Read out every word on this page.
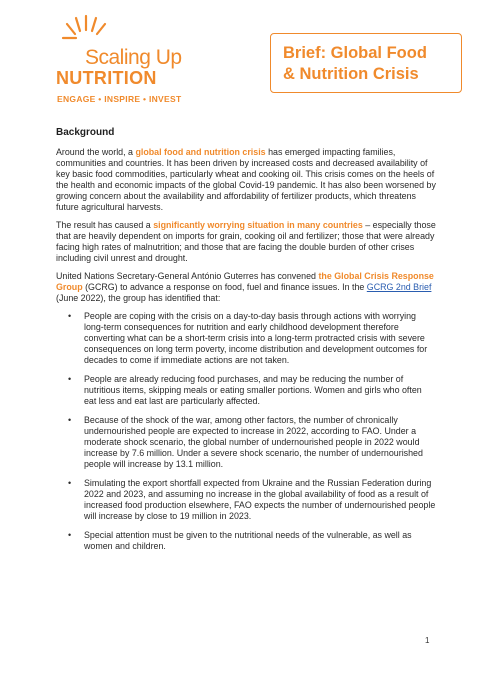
Scaling Up
NUTRITION
ENGAGE • INSPIRE • INVEST

Brief: Global Food

& Nutrition Crisis

Background

Around the world, a global food and nutrition crisis has emerged impacting families, communities and countries. It has been driven by increased costs and decreased availability of key basic food commodities, particularly wheat and cooking oil. This crisis comes on the heels of the health and economic impacts of the global Covid-19 pandemic. It has also been worsened by growing concern about the availability and affordability of fertilizer products, which threatens future agricultural harvests.

The result has caused a significantly worrying situation in many countries – especially those that are heavily dependent on imports for grain, cooking oil and fertilizer; those that were already facing high rates of malnutrition; and those that are facing the double burden of other crises including civil unrest and drought.

United Nations Secretary-General António Guterres has convened the Global Crisis Response Group (GCRG) to advance a response on food, fuel and finance issues. In the GCRG 2nd Brief (June 2022), the group has identified that:

• People are coping with the crisis on a day-to-day basis through actions with worrying long-term consequences for nutrition and early childhood development therefore converting what can be a short-term crisis into a long-term protracted crisis with severe consequences on long term poverty, income distribution and development outcomes for decades to come if immediate actions are not taken.
• People are already reducing food purchases, and may be reducing the number of nutritious items, skipping meals or eating smaller portions. Women and girls who often eat less and eat last are particularly affected.
• Because of the shock of the war, among other factors, the number of chronically undernourished people are expected to increase in 2022, according to FAO. Under a moderate shock scenario, the global number of undernourished people in 2022 would increase by 7.6 million. Under a severe shock scenario, the number of undernourished people will increase by 13.1 million.
• Simulating the export shortfall expected from Ukraine and the Russian Federation during 2022 and 2023, and assuming no increase in the global availability of food as a result of increased food production elsewhere, FAO expects the number of undernourished people will increase by close to 19 million in 2023.
• Special attention must be given to the nutritional needs of the vulnerable, as well as women and children.
1
